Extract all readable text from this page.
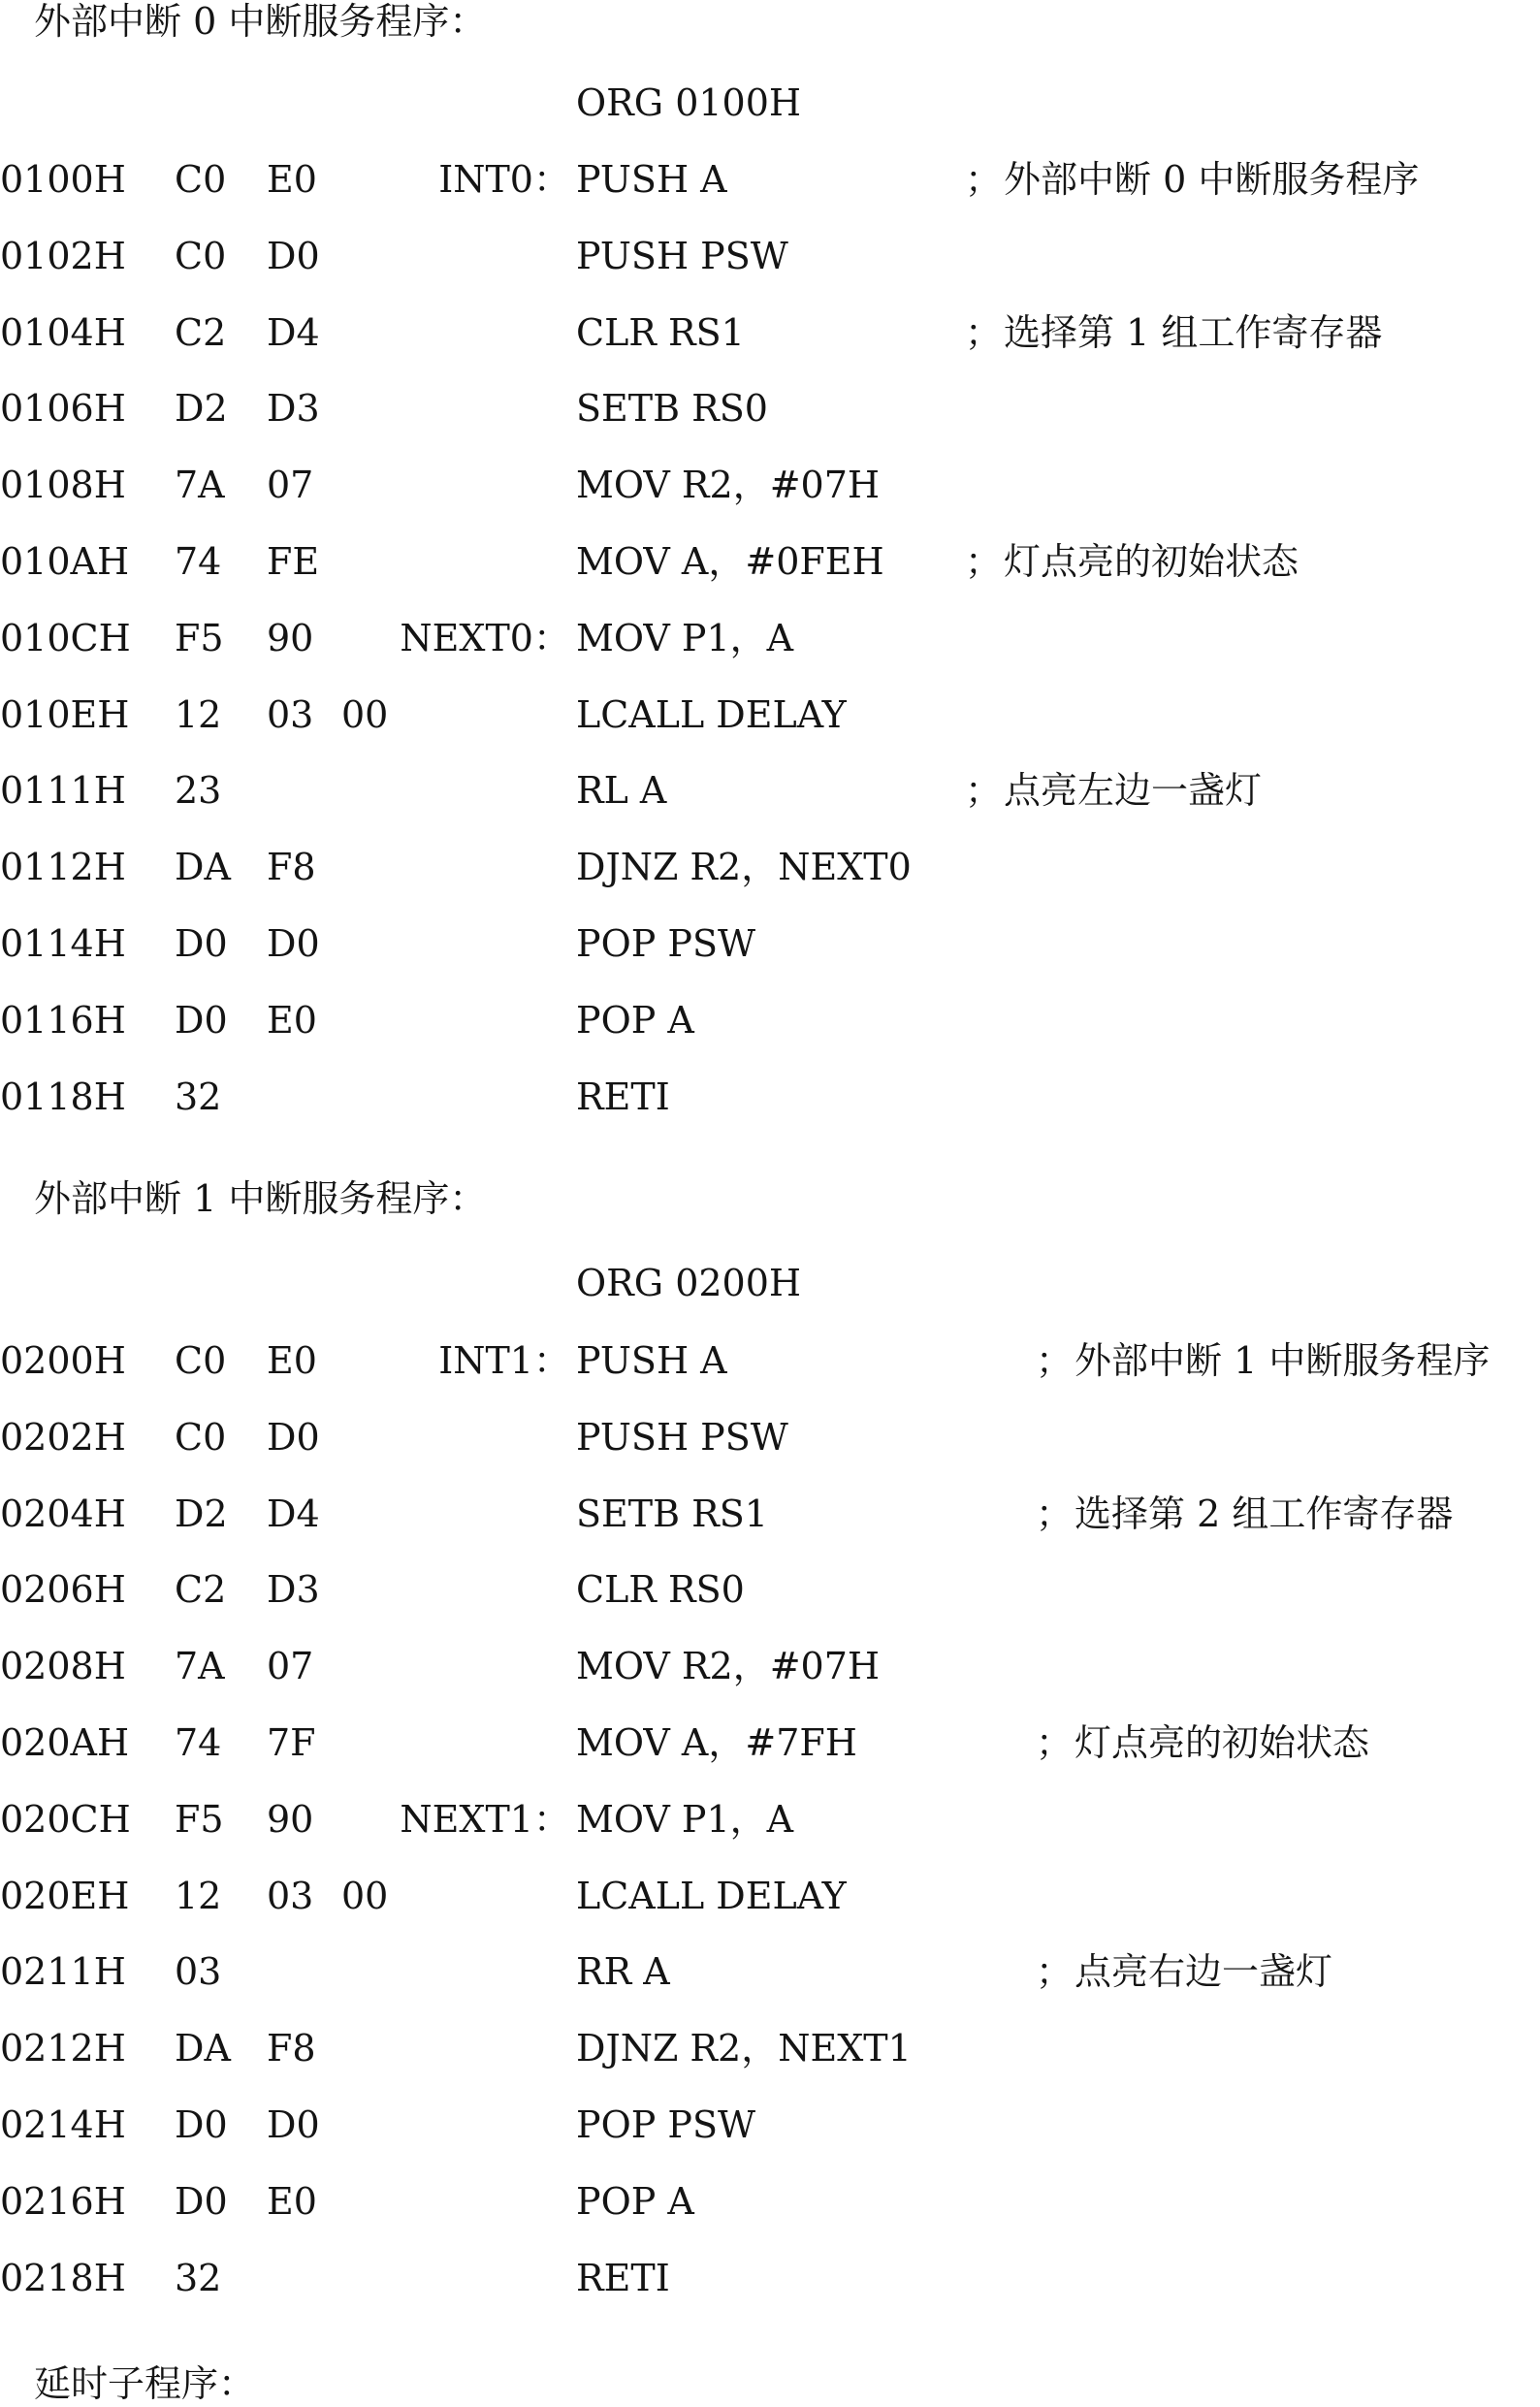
外部中断 0 中断服务程序：
ORG 0100H
0100H C0 E0	INT0： PUSH A	；外部中断 0 中断服务程序
0102H C0 D0	PUSH PSW
0104H C2 D4	CLR RS1	；选择第 1 组工作寄存器
0106H D2 D3	SETB RS0
0108H 7A 07	MOV R2，#07H
010AH 74 FE	MOV A，#0FEH ；灯点亮的初始状态
010CH F5 90	NEXT0： MOV P1，A
010EH 12 03 00	LCALL DELAY
0111H 23	RL A	；点亮左边一盏灯
0112H DA F8	DJNZ R2，NEXT0
0114H D0 D0	POP PSW
0116H D0 E0	POP A
0118H 32	RETI
外部中断 1 中断服务程序：
ORG 0200H
0200H C0 E0	INT1： PUSH A	；外部中断 1 中断服务程序
0202H C0 D0	PUSH PSW
0204H D2 D4	SETB RS1	；选择第 2 组工作寄存器
0206H C2 D3	CLR RS0
0208H 7A 07	MOV R2，#07H
020AH 74 7F	MOV A，#7FH	；灯点亮的初始状态
020CH F5 90	NEXT1： MOV P1，A
020EH 12 03 00	LCALL DELAY
0211H 03	RR A	；点亮右边一盏灯
0212H DA F8	DJNZ R2，NEXT1
0214H D0 D0	POP PSW
0216H D0 E0	POP A
0218H 32	RETI
延时子程序：
